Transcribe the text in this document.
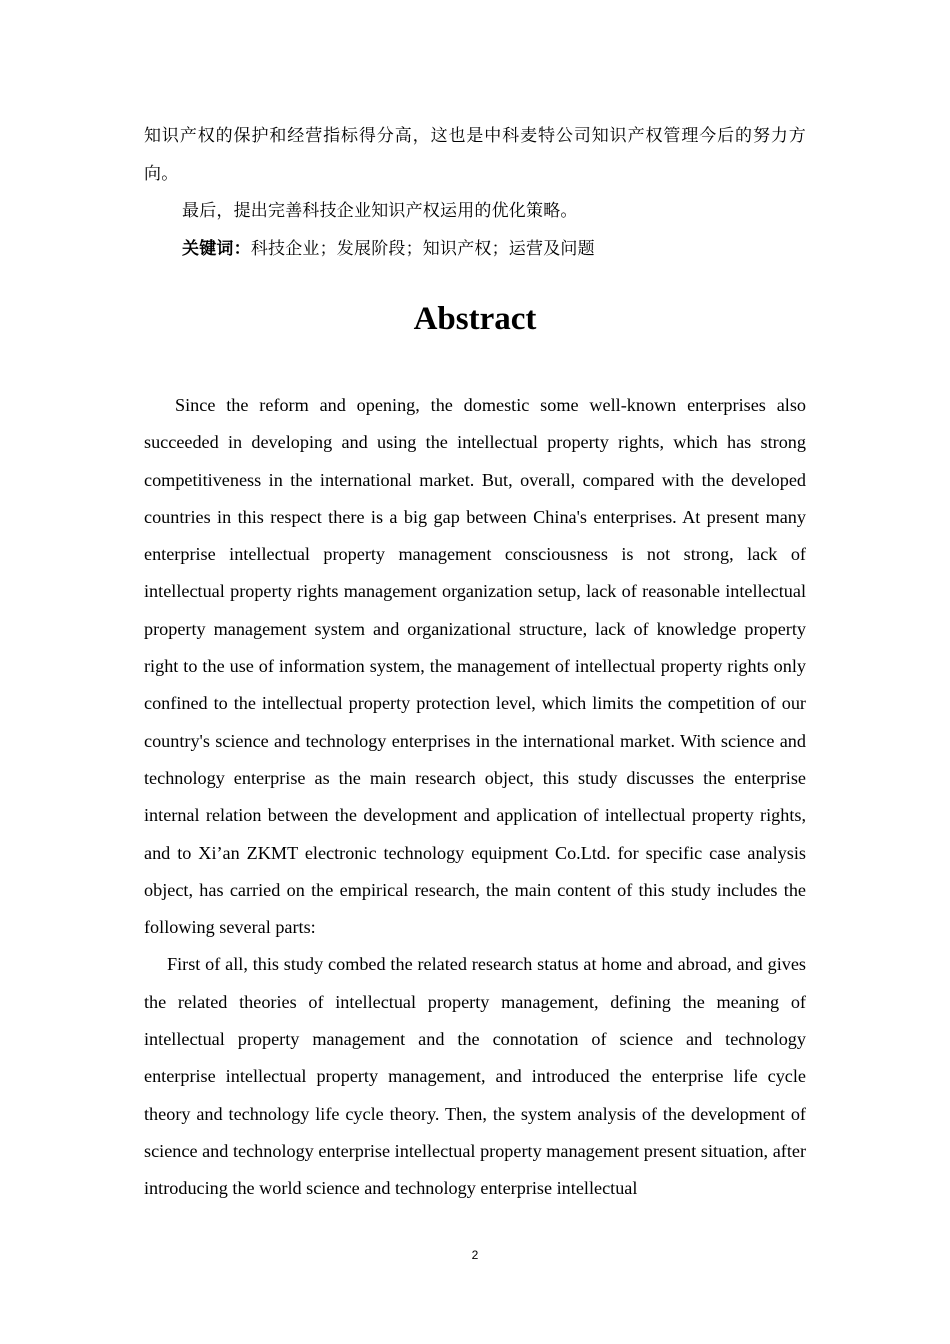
知识产权的保护和经营指标得分高，这也是中科麦特公司知识产权管理今后的努力方向。

最后，提出完善科技企业知识产权运用的优化策略。

关键词：科技企业；发展阶段；知识产权；运营及问题

Abstract

Since the reform and opening, the domestic some well-known enterprises also succeeded in developing and using the intellectual property rights, which has strong competitiveness in the international market. But, overall, compared with the developed countries in this respect there is a big gap between China's enterprises. At present many enterprise intellectual property management consciousness is not strong, lack of intellectual property rights management organization setup, lack of reasonable intellectual property management system and organizational structure, lack of knowledge property right to the use of information system, the management of intellectual property rights only confined to the intellectual property protection level, which limits the competition of our country's science and technology enterprises in the international market. With science and technology enterprise as the main research object, this study discusses the enterprise internal relation between the development and application of intellectual property rights, and to Xi’an ZKMT electronic technology equipment Co.Ltd. for specific case analysis object, has carried on the empirical research, the main content of this study includes the following several parts:

First of all, this study combed the related research status at home and abroad, and gives the related theories of intellectual property management, defining the meaning of intellectual property management and the connotation of science and technology enterprise intellectual property management, and introduced the enterprise life cycle theory and technology life cycle theory. Then, the system analysis of the development of science and technology enterprise intellectual property management present situation, after introducing the world science and technology enterprise intellectual

2
